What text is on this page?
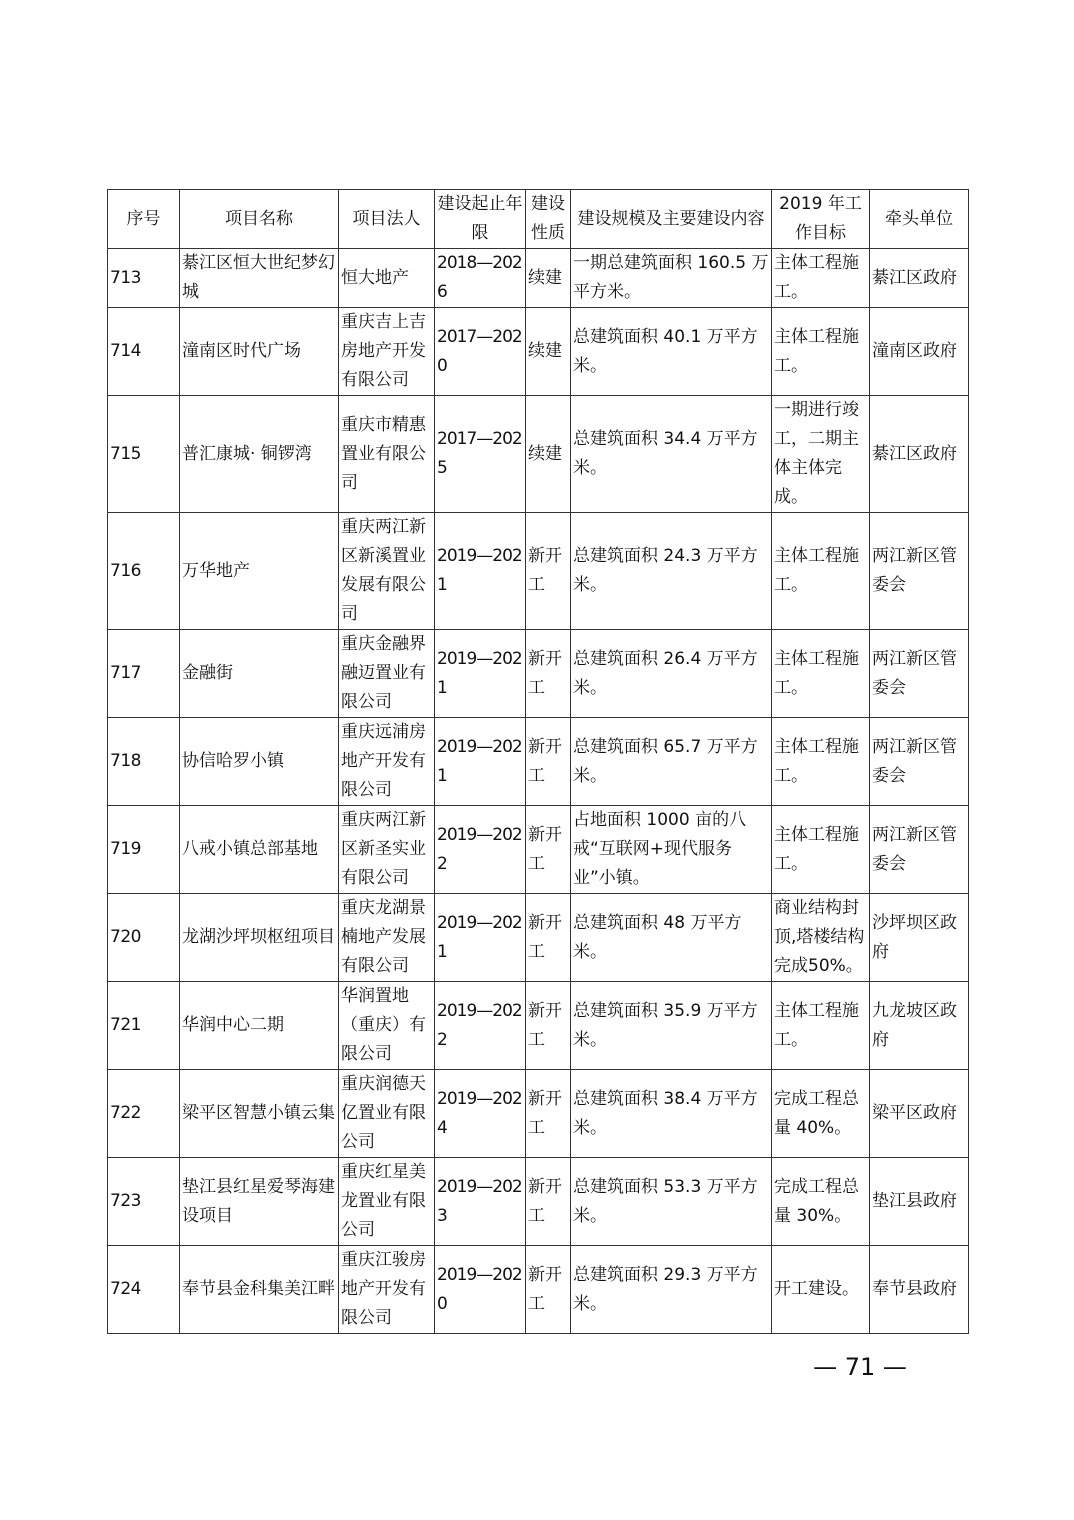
序号	项目名称	项目法人	建设起止年限	建设性质	建设规模及主要建设内容	2019 年工作目标	牵头单位
713	綦江区恒大世纪梦幻城	恒大地产	2018—2026	续建	一期总建筑面积 160.5 万平方米。	主体工程施工。	綦江区政府
714	潼南区时代广场	重庆吉上吉房地产开发有限公司	2017—2020	续建	总建筑面积 40.1 万平方米。	主体工程施工。	潼南区政府
715	普汇康城· 铜锣湾	重庆市精惠置业有限公司	2017—2025	续建	总建筑面积 34.4 万平方米。	一期进行竣工，二期主体主体完成。	綦江区政府
716	万华地产	重庆两江新区新溪置业发展有限公司	2019—2021	新开工	总建筑面积 24.3 万平方米。	主体工程施工。	两江新区管委会
717	金融街	重庆金融界融迈置业有限公司	2019—2021	新开工	总建筑面积 26.4 万平方米。	主体工程施工。	两江新区管委会
718	协信哈罗小镇	重庆远浦房地产开发有限公司	2019—2021	新开工	总建筑面积 65.7 万平方米。	主体工程施工。	两江新区管委会
719	八戒小镇总部基地	重庆两江新区新圣实业有限公司	2019—2022	新开工	占地面积 1000 亩的八戒“互联网+现代服务业”小镇。	主体工程施工。	两江新区管委会
720	龙湖沙坪坝枢纽项目	重庆龙湖景楠地产发展有限公司	2019—2021	新开工	总建筑面积 48 万平方米。	商业结构封顶,塔楼结构完成50%。	沙坪坝区政府
721	华润中心二期	华润置地（重庆）有限公司	2019—2022	新开工	总建筑面积 35.9 万平方米。	主体工程施工。	九龙坡区政府
722	梁平区智慧小镇云集	重庆润德天亿置业有限公司	2019—2024	新开工	总建筑面积 38.4 万平方米。	完成工程总量 40%。	梁平区政府
723	垫江县红星爱琴海建设项目	重庆红星美龙置业有限公司	2019—2023	新开工	总建筑面积 53.3 万平方米。	完成工程总量 30%。	垫江县政府
724	奉节县金科集美江畔	重庆江骏房地产开发有限公司	2019—2020	新开工	总建筑面积 29.3 万平方米。	开工建设。	奉节县政府
— 71 —
